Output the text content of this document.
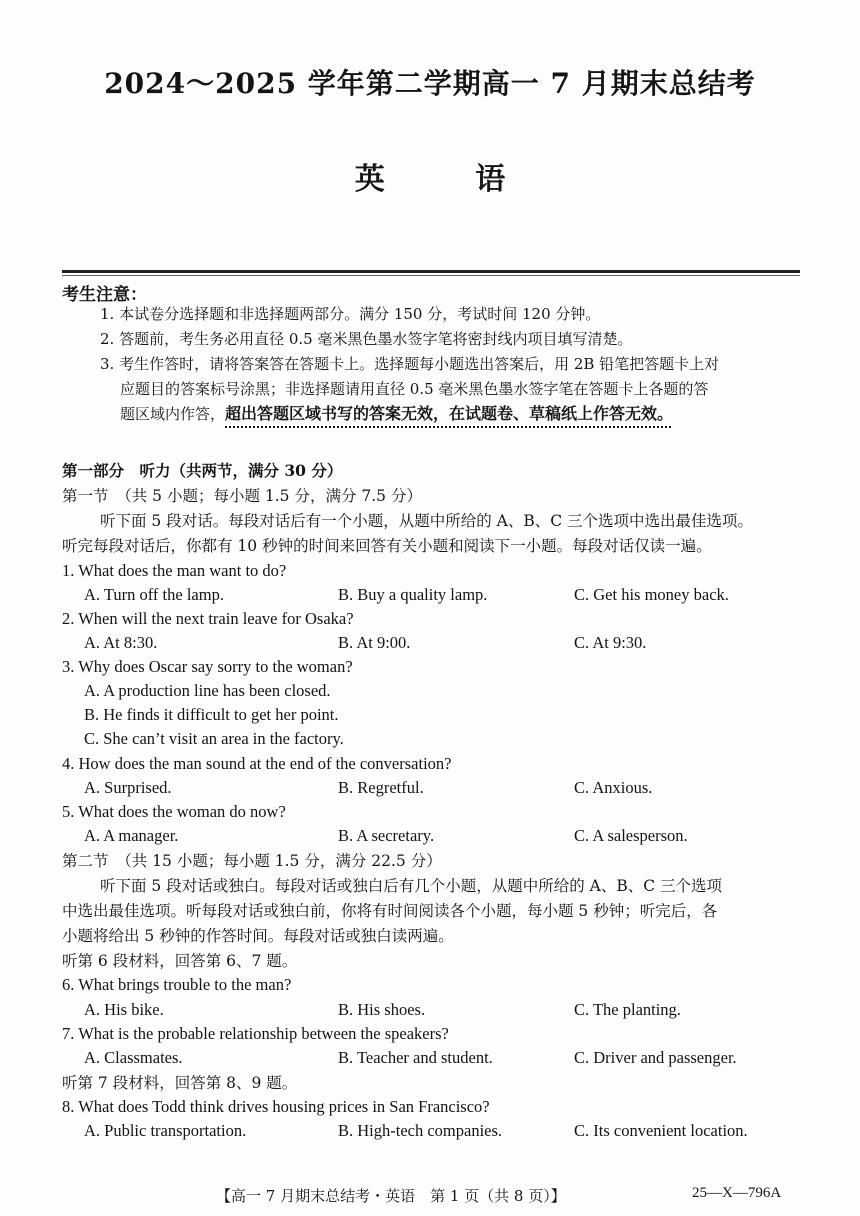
2024～2025 学年第二学期高一 7 月期末总结考
英 语
考生注意：
1. 本试卷分选择题和非选择题两部分。满分 150 分，考试时间 120 分钟。
2. 答题前，考生务必用直径 0.5 毫米黑色墨水签字笔将密封线内项目填写清楚。
3. 考生作答时，请将答案答在答题卡上。选择题每小题选出答案后，用 2B 铅笔把答题卡上对
应题目的答案标号涂黑；非选择题请用直径 0.5 毫米黑色墨水签字笔在答题卡上各题的答
题区域内作答，超出答题区域书写的答案无效，在试题卷、草稿纸上作答无效。
第一部分　听力（共两节，满分 30 分）
第一节　（共 5 小题；每小题 1.5 分，满分 7.5 分）
听下面 5 段对话。每段对话后有一个小题，从题中所给的 A、B、C 三个选项中选出最佳选项。
听完每段对话后，你都有 10 秒钟的时间来回答有关小题和阅读下一小题。每段对话仅读一遍。
1. What does the man want to do?
A. Turn off the lamp.	B. Buy a quality lamp.	C. Get his money back.
2. When will the next train leave for Osaka?
A. At 8:30.	B. At 9:00.	C. At 9:30.
3. Why does Oscar say sorry to the woman?
A. A production line has been closed.
B. He finds it difficult to get her point.
C. She can’t visit an area in the factory.
4. How does the man sound at the end of the conversation?
A. Surprised.	B. Regretful.	C. Anxious.
5. What does the woman do now?
A. A manager.	B. A secretary.	C. A salesperson.
第二节　（共 15 小题；每小题 1.5 分，满分 22.5 分）
听下面 5 段对话或独白。每段对话或独白后有几个小题，从题中所给的 A、B、C 三个选项
中选出最佳选项。听每段对话或独白前，你将有时间阅读各个小题，每小题 5 秒钟；听完后，各
小题将给出 5 秒钟的作答时间。每段对话或独白读两遍。
听第 6 段材料，回答第 6、7 题。
6. What brings trouble to the man?
A. His bike.	B. His shoes.	C. The planting.
7. What is the probable relationship between the speakers?
A. Classmates.	B. Teacher and student.	C. Driver and passenger.
听第 7 段材料，回答第 8、9 题。
8. What does Todd think drives housing prices in San Francisco?
A. Public transportation.	B. High-tech companies.	C. Its convenient location.
【高一 7 月期末总结考・英语　第 1 页（共 8 页）】	25—X—796A
